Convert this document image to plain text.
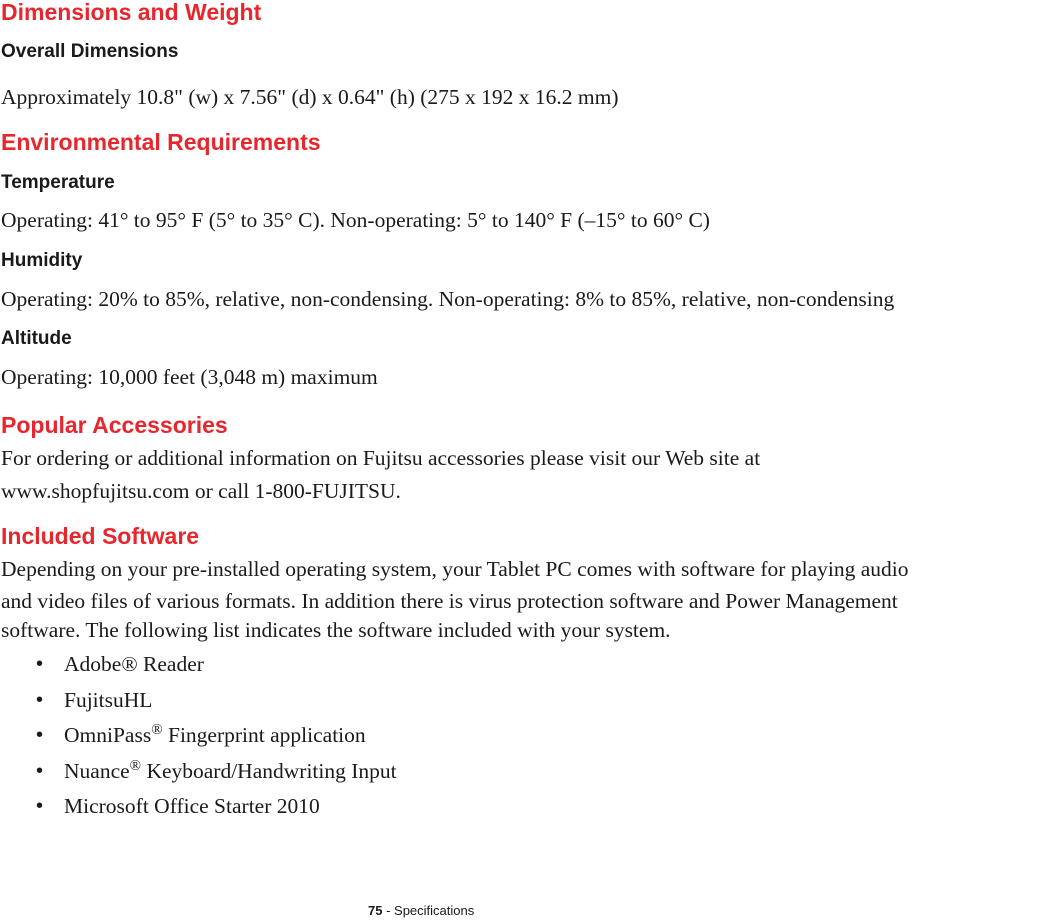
Dimensions and Weight
Overall Dimensions

Approximately 10.8" (w) x 7.56" (d) x 0.64" (h) (275 x 192 x 16.2 mm)

Environmental Requirements
Temperature

Operating: 41° to 95° F (5° to 35° C). Non-operating: 5° to 140° F (–15° to 60° C)

Humidity

Operating: 20% to 85%, relative, non-condensing. Non-operating: 8% to 85%, relative, non-condensing

Altitude

Operating: 10,000 feet (3,048 m) maximum

Popular Accessories

For ordering or additional information on Fujitsu accessories please visit our Web site at

www.shopfujitsu.com or call 1-800-FUJITSU.

Included Software

Depending on your pre-installed operating system, your Tablet PC comes with software for playing audio

and video files of various formats. In addition there is virus protection software and Power Management

software. The following list indicates the software included with your system.

• Adobe® Reader
• FujitsuHL
• OmniPass® Fingerprint application
• Nuance® Keyboard/Handwriting Input
• Microsoft Office Starter 2010

75 - Specifications
